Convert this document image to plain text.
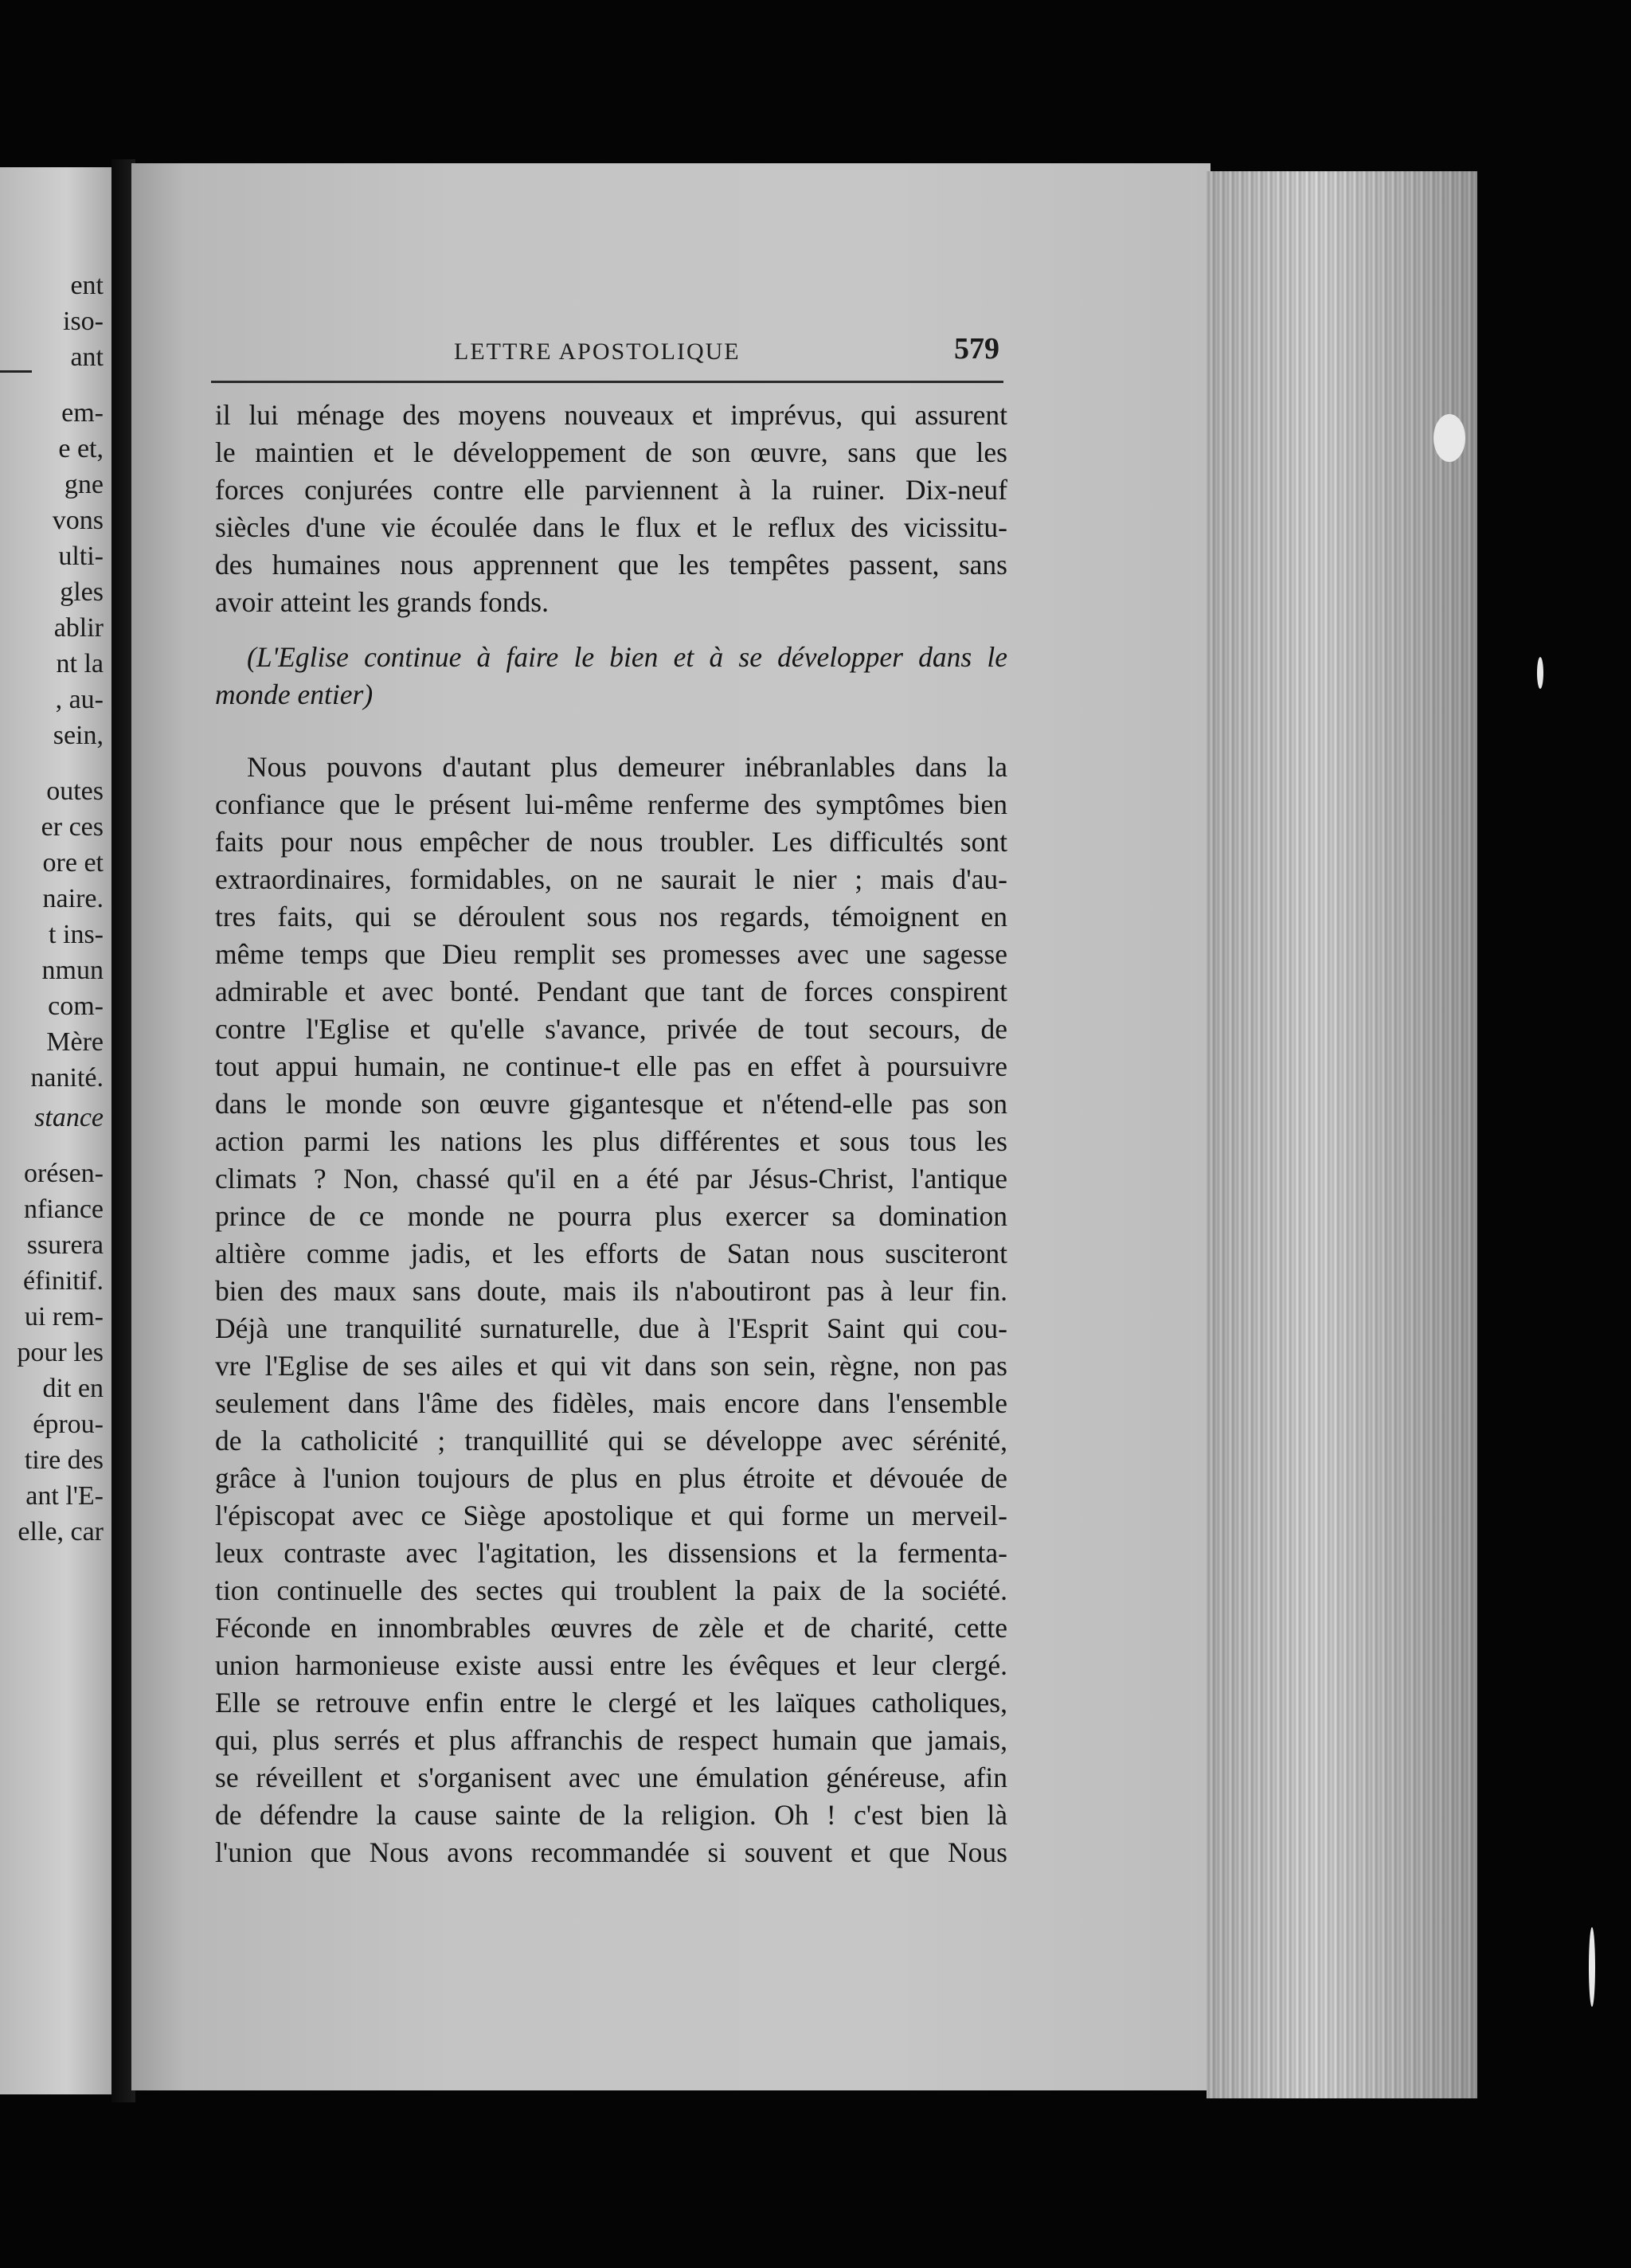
ent
iso-
ant
em-
e et,
gne
vons
ulti-
gles
ablir
nt la
, au-
sein,
outes
er ces
ore et
naire.
t ins-
nmun
com-
Mère
nanité.
stance
orésen-
nfiance
ssurera
éfinitif.
ui rem-
pour les
dit en
éprou-
tire des
ant l'E-
elle, car
LETTRE APOSTOLIQUE	579
il lui ménage des moyens nouveaux et imprévus, qui assurent
le maintien et le développement de son œuvre, sans que les
forces conjurées contre elle parviennent à la ruiner. Dix-neuf
siècles d'une vie écoulée dans le flux et le reflux des vicissitu-
des humaines nous apprennent que les tempêtes passent, sans
avoir atteint les grands fonds.
(L'Eglise continue à faire le bien et à se développer dans le
monde entier)
Nous pouvons d'autant plus demeurer inébranlables dans la
confiance que le présent lui-même renferme des symptômes bien
faits pour nous empêcher de nous troubler. Les difficultés sont
extraordinaires, formidables, on ne saurait le nier ; mais d'au-
tres faits, qui se déroulent sous nos regards, témoignent en
même temps que Dieu remplit ses promesses avec une sagesse
admirable et avec bonté. Pendant que tant de forces conspirent
contre l'Eglise et qu'elle s'avance, privée de tout secours, de
tout appui humain, ne continue-t elle pas en effet à poursuivre
dans le monde son œuvre gigantesque et n'étend-elle pas son
action parmi les nations les plus différentes et sous tous les
climats ? Non, chassé qu'il en a été par Jésus-Christ, l'antique
prince de ce monde ne pourra plus exercer sa domination
altière comme jadis, et les efforts de Satan nous susciteront
bien des maux sans doute, mais ils n'aboutiront pas à leur fin.
Déjà une tranquilité surnaturelle, due à l'Esprit Saint qui cou-
vre l'Eglise de ses ailes et qui vit dans son sein, règne, non pas
seulement dans l'âme des fidèles, mais encore dans l'ensemble
de la catholicité ; tranquillité qui se développe avec sérénité,
grâce à l'union toujours de plus en plus étroite et dévouée de
l'épiscopat avec ce Siège apostolique et qui forme un merveil-
leux contraste avec l'agitation, les dissensions et la fermenta-
tion continuelle des sectes qui troublent la paix de la société.
Féconde en innombrables œuvres de zèle et de charité, cette
union harmonieuse existe aussi entre les évêques et leur clergé.
Elle se retrouve enfin entre le clergé et les laïques catholiques,
qui, plus serrés et plus affranchis de respect humain que jamais,
se réveillent et s'organisent avec une émulation généreuse, afin
de défendre la cause sainte de la religion. Oh ! c'est bien là
l'union que Nous avons recommandée si souvent et que Nous
